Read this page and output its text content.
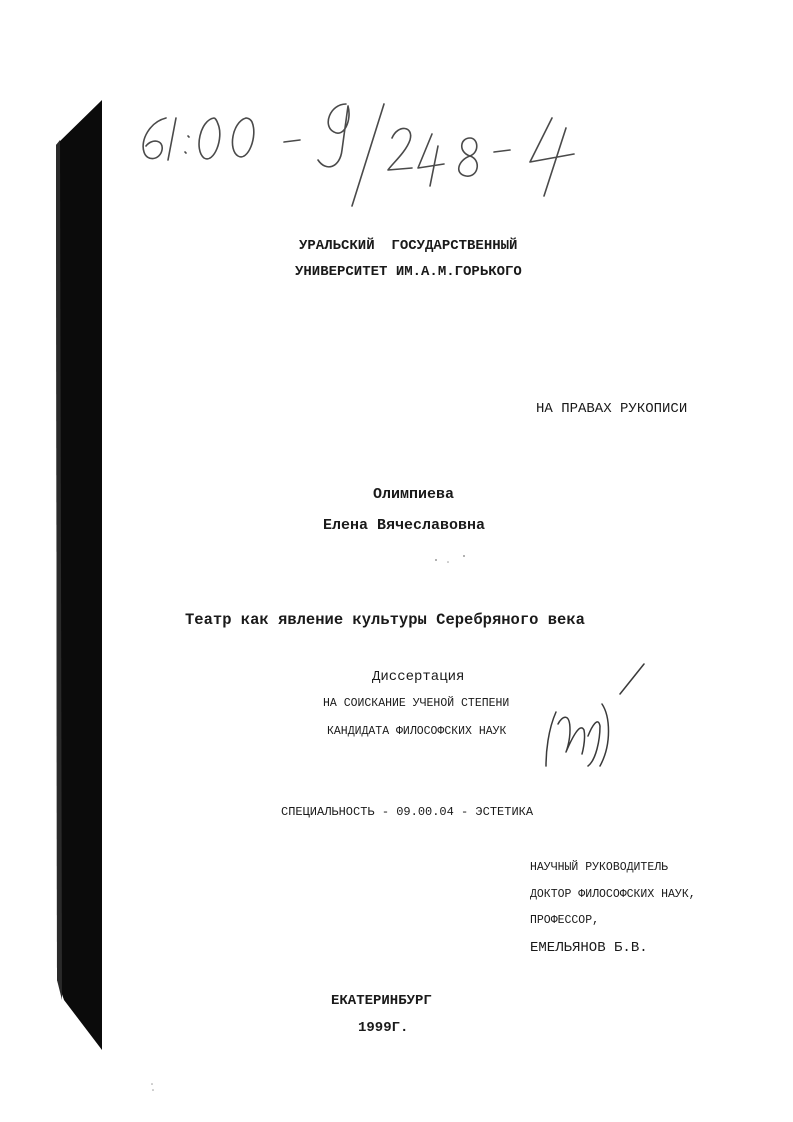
УРАЛЬСКИЙ  ГОСУДАРСТВЕННЫЙ
УНИВЕРСИТЕТ ИМ.А.М.ГОРЬКОГО
НА ПРАВАХ РУКОПИСИ
Олимпиева
Елена Вячеславовна
Театр как явление культуры Серебряного века
Диссертация
НА СОИСКАНИЕ УЧЕНОЙ СТЕПЕНИ
КАНДИДАТА ФИЛОСОФСКИХ НАУК
СПЕЦИАЛЬНОСТЬ - 09.00.04 - ЭСТЕТИКА
НАУЧНЫЙ РУКОВОДИТЕЛЬ
ДОКТОР ФИЛОСОФСКИХ НАУК,
ПРОФЕССОР,
ЕМЕЛЬЯНОВ Б.В.
ЕКАТЕРИНБУРГ
1999Г.
